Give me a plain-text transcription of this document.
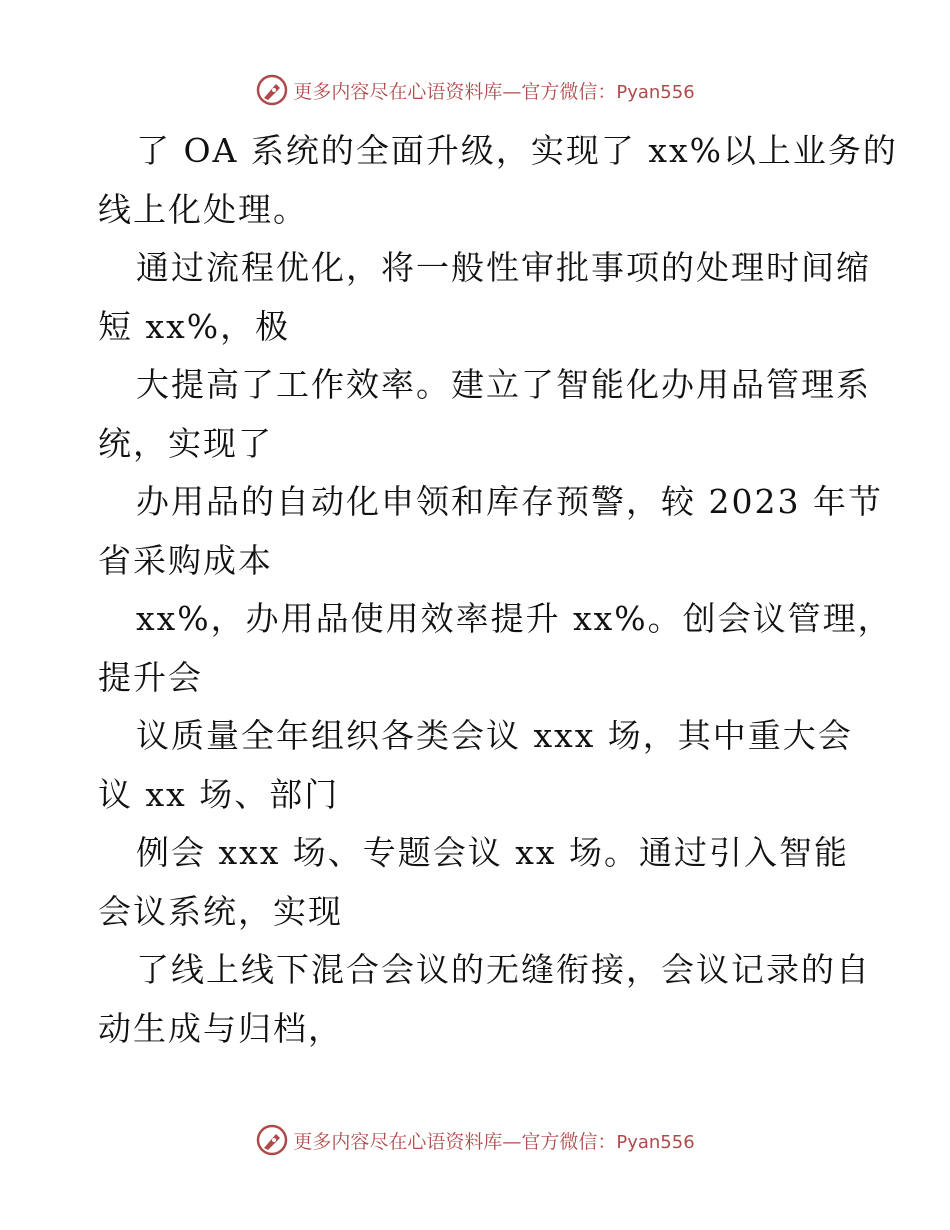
更多内容尽在心语资料库—官方微信：Pyan556
了 OA 系统的全面升级，实现了 xx%以上业务的
线上化处理。
通过流程优化，将一般性审批事项的处理时间缩
短 xx%，极
大提高了工作效率。建立了智能化办用品管理系
统，实现了
办用品的自动化申领和库存预警，较 2023 年节
省采购成本
xx%，办用品使用效率提升 xx%。创会议管理，
提升会
议质量全年组织各类会议 xxx 场，其中重大会
议 xx 场、部门
例会 xxx 场、专题会议 xx 场。通过引入智能
会议系统，实现
了线上线下混合会议的无缝衔接，会议记录的自
动生成与归档，
更多内容尽在心语资料库—官方微信：Pyan556
